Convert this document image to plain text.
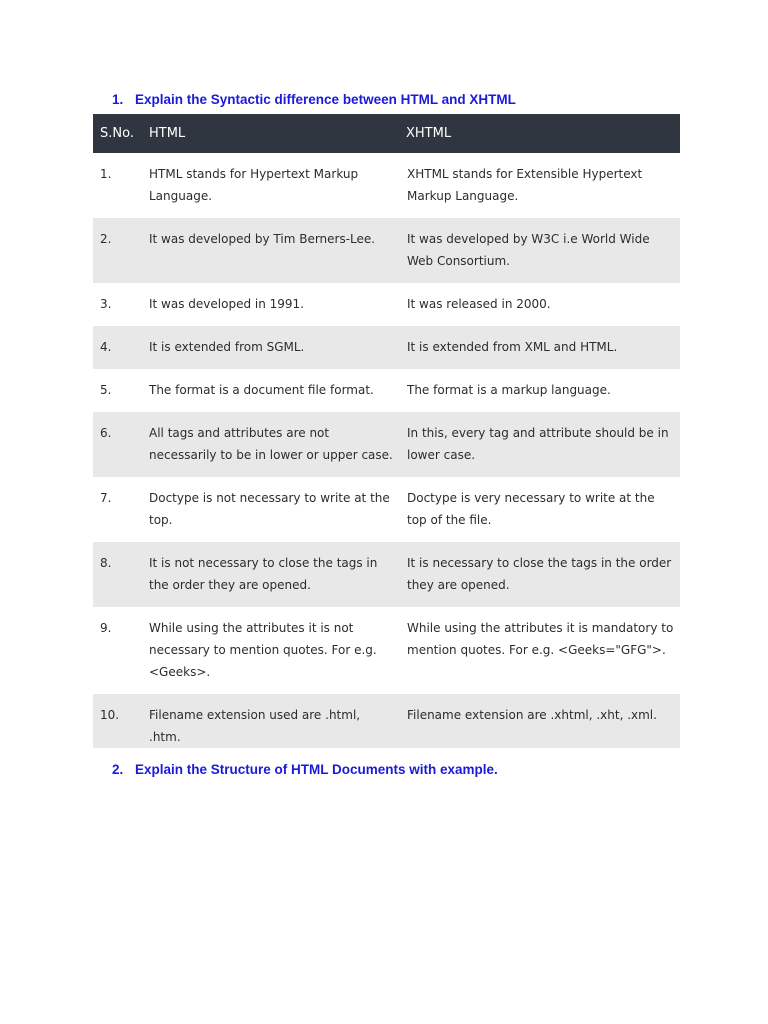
1. Explain the Syntactic difference between HTML and XHTML
S.No.	HTML	XHTML
1.	HTML stands for Hypertext Markup Language.	XHTML stands for Extensible Hypertext Markup Language.
2.	It was developed by Tim Berners-Lee.	It was developed by W3C i.e World Wide Web Consortium.
3.	It was developed in 1991.	It was released in 2000.
4.	It is extended from SGML.	It is extended from XML and HTML.
5.	The format is a document file format.	The format is a markup language.
6.	All tags and attributes are not necessarily to be in lower or upper case.	In this, every tag and attribute should be in lower case.
7.	Doctype is not necessary to write at the top.	Doctype is very necessary to write at the top of the file.
8.	It is not necessary to close the tags in the order they are opened.	It is necessary to close the tags in the order they are opened.
9.	While using the attributes it is not necessary to mention quotes. For e.g. <Geeks>.	While using the attributes it is mandatory to mention quotes. For e.g. <Geeks="GFG">.
10.	Filename extension used are .html, .htm.	Filename extension are .xhtml, .xht, .xml.
2. Explain the Structure of HTML Documents with example.
